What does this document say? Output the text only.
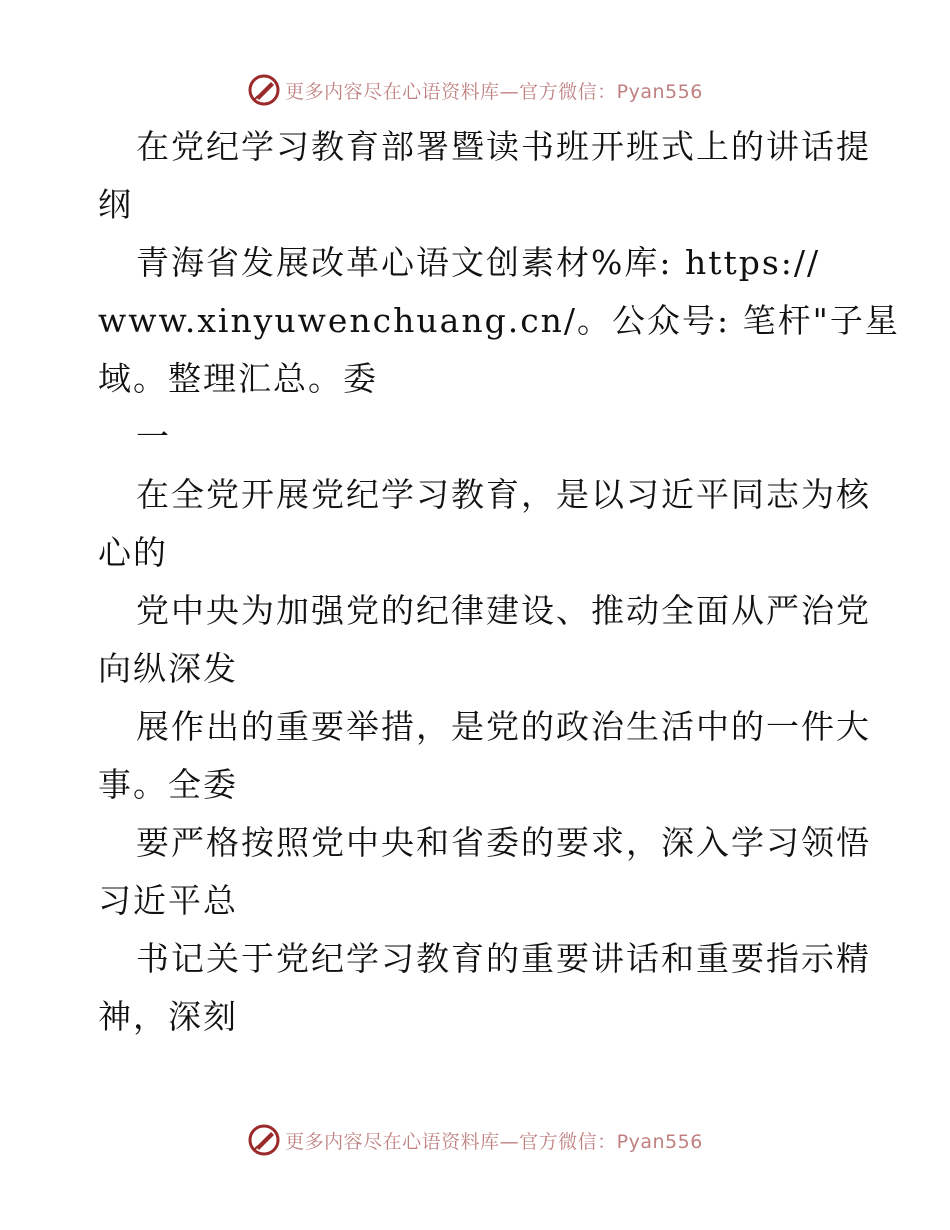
更多内容尽在心语资料库—官方微信：Pyan556
在党纪学习教育部署暨读书班开班式上的讲话提
纲
青海省发展改革心语文创素材%库: https://
www.xinyuwenchuang.cn/。公众号: 笔杆"子星
域。整理汇总。委
一
在全党开展党纪学习教育，是以习近平同志为核
心的
党中央为加强党的纪律建设、推动全面从严治党
向纵深发
展作出的重要举措，是党的政治生活中的一件大
事。全委
要严格按照党中央和省委的要求，深入学习领悟
习近平总
书记关于党纪学习教育的重要讲话和重要指示精
神，深刻
更多内容尽在心语资料库—官方微信：Pyan556
